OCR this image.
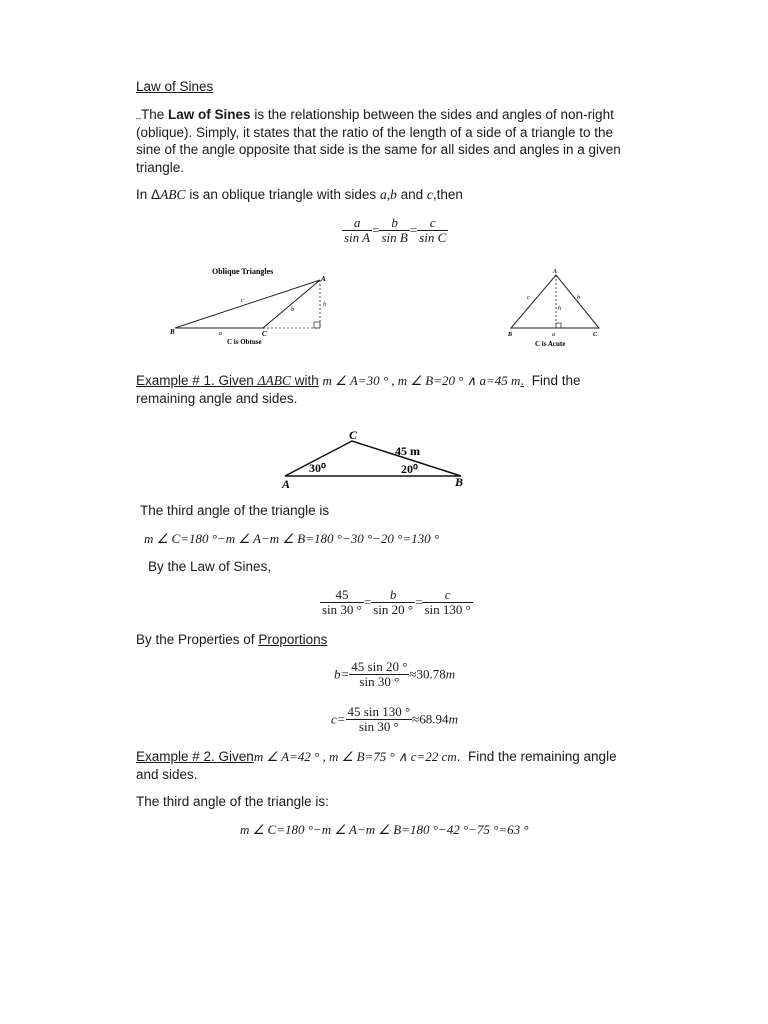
Law of Sines
_The Law of Sines is the relationship between the sides and angles of non-right
(oblique). Simply, it states that the ratio of the length of a side of a triangle to the
sine of the angle opposite that side is the same for all sides and angles in a given
triangle.
In ΔABC is an oblique triangle with sides a,b and c,then
$\frac{a}{\text{sin A}} = \frac{b}{\text{sin B}} = \frac{c}{\text{sin C}}$
Oblique Triangles
A
B	C
c
b
a
h
C is Obtuse
A
B	C
c	b
a
h
C is Acute
Example # 1. Given ΔABC with m ∠ A=30 ° , m ∠ B=20 ° ∧ a=45 m. Find the
remaining angle and sides.
C
A	B
45 m
30⁰	20⁰
The third angle of the triangle is
m ∠ C=180 °−m ∠ A−m ∠ B=180 °−30 °−20 °=130 °
By the Law of Sines,
$\frac{45}{\sin 30 ^\circ} = \frac{b}{\sin 20 ^\circ} = \frac{c}{\sin 130 ^\circ}$
By the Properties of Proportions
$b= \frac{45 \sin 20 ^\circ}{\sin 30 ^\circ} \approx 30.78m$
$c= \frac{45 \sin 130 ^\circ}{\sin 30 ^\circ} \approx 68.94m$
Example # 2. Givenm ∠ A=42 ° , m ∠ B=75 ° ∧ c=22 cm. Find the remaining angle
and sides.
The third angle of the triangle is:
m ∠ C=180 °−m ∠ A−m ∠ B=180 °−42 °−75 °=63 °
